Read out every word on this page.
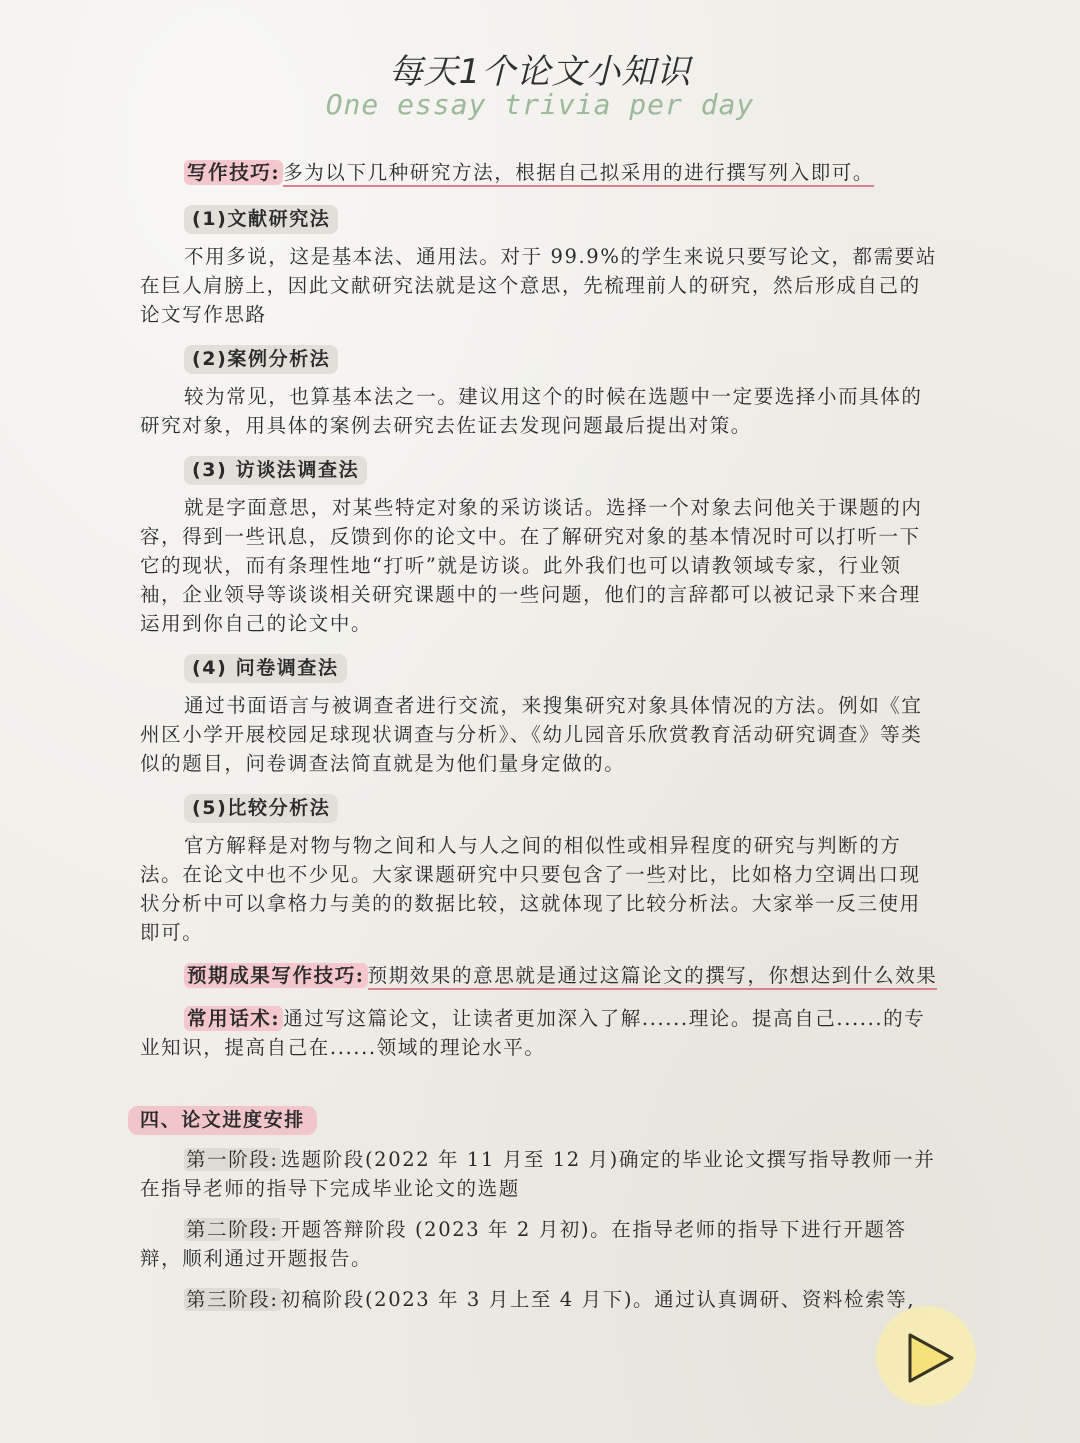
每天1个论文小知识
One essay trivia per day

写作技巧: 多为以下几种研究方法，根据自己拟采用的进行撰写列入即可。

(1)文献研究法

不用多说，这是基本法、通用法。对于 99.9%的学生来说只要写论文，都需要站在巨人肩膀上，因此文献研究法就是这个意思，先梳理前人的研究，然后形成自己的论文写作思路

(2)案例分析法

较为常见，也算基本法之一。建议用这个的时候在选题中一定要选择小而具体的研究对象，用具体的案例去研究去佐证去发现问题最后提出对策。

(3) 访谈法调查法

就是字面意思，对某些特定对象的采访谈话。选择一个对象去问他关于课题的内容，得到一些讯息，反馈到你的论文中。在了解研究对象的基本情况时可以打听一下它的现状，而有条理性地“打听”就是访谈。此外我们也可以请教领域专家，行业领袖，企业领导等谈谈相关研究课题中的一些问题，他们的言辞都可以被记录下来合理运用到你自己的论文中。

(4) 问卷调查法

通过书面语言与被调查者进行交流，来搜集研究对象具体情况的方法。例如《宜州区小学开展校园足球现状调查与分析》、《幼儿园音乐欣赏教育活动研究调查》等类似的题目，问卷调查法简直就是为他们量身定做的。

(5)比较分析法

官方解释是对物与物之间和人与人之间的相似性或相异程度的研究与判断的方法。在论文中也不少见。大家课题研究中只要包含了一些对比，比如格力空调出口现状分析中可以拿格力与美的的数据比较，这就体现了比较分析法。大家举一反三使用即可。

预期成果写作技巧: 预期效果的意思就是通过这篇论文的撰写，你想达到什么效果

常用话术: 通过写这篇论文，让读者更加深入了解......理论。提高自己......的专业知识，提高自己在......领域的理论水平。

四、论文进度安排

第一阶段: 选题阶段(2022 年 11 月至 12 月)确定的毕业论文撰写指导教师一并在指导老师的指导下完成毕业论文的选题

第二阶段: 开题答辩阶段 (2023 年 2 月初)。在指导老师的指导下进行开题答辩，顺利通过开题报告。

第三阶段: 初稿阶段(2023 年 3 月上至 4 月下)。通过认真调研、资料检索等,
